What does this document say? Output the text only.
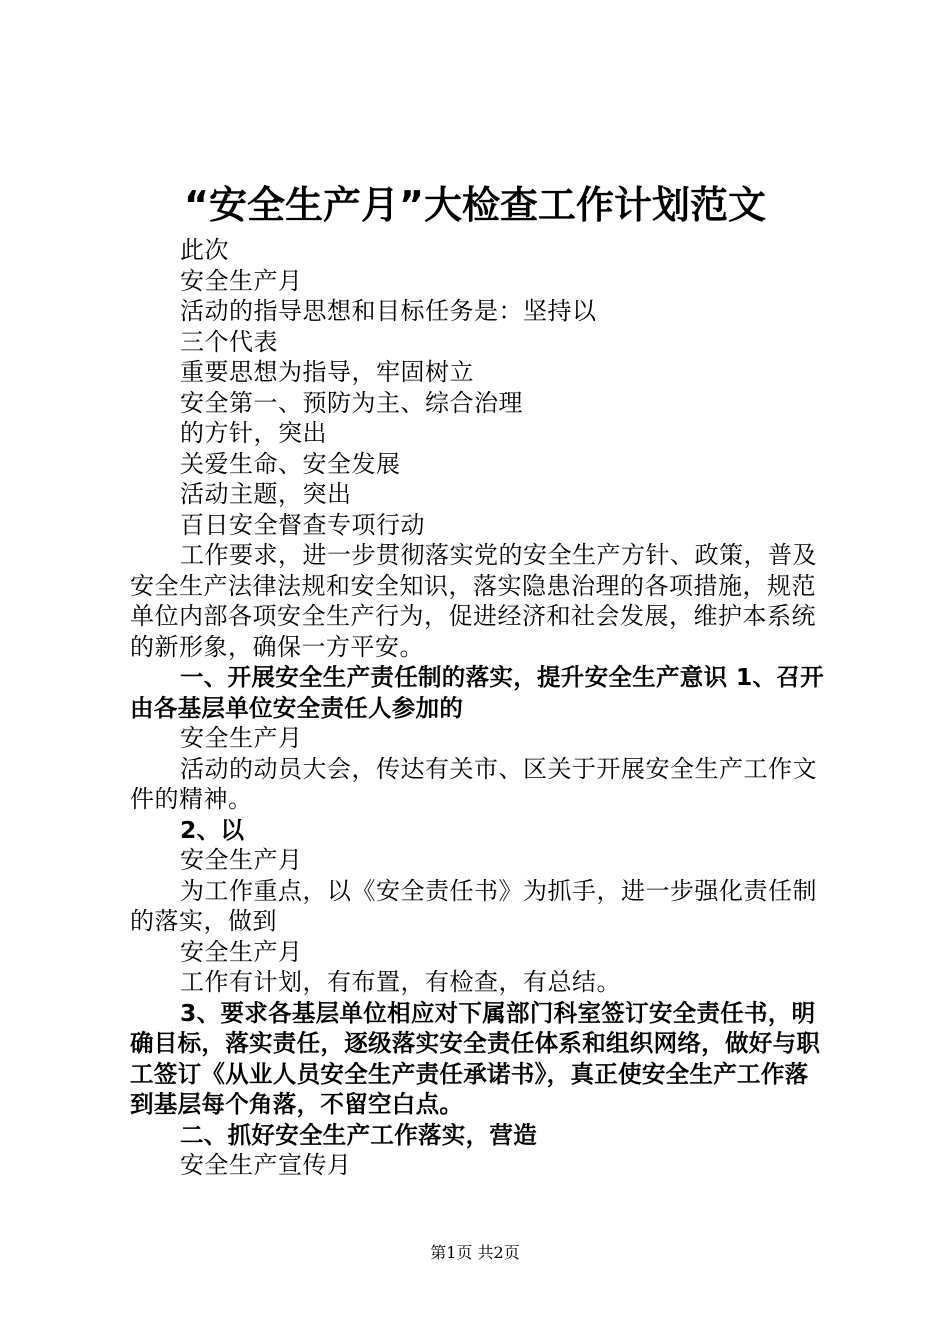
“安全生产月”大检查工作计划范文

此次

安全生产月

活动的指导思想和目标任务是：坚持以

三个代表

重要思想为指导，牢固树立

安全第一、预防为主、综合治理

的方针，突出

关爱生命、安全发展

活动主题，突出

百日安全督查专项行动

工作要求，进一步贯彻落实党的安全生产方针、政策，普及安全生产法律法规和安全知识，落实隐患治理的各项措施，规范单位内部各项安全生产行为，促进经济和社会发展，维护本系统的新形象，确保一方平安。

一、开展安全生产责任制的落实，提升安全生产意识 1、召开由各基层单位安全责任人参加的

安全生产月

活动的动员大会，传达有关市、区关于开展安全生产工作文件的精神。

2、以

安全生产月

为工作重点，以《安全责任书》为抓手，进一步强化责任制的落实，做到

安全生产月

工作有计划，有布置，有检查，有总结。

3、要求各基层单位相应对下属部门科室签订安全责任书，明确目标，落实责任，逐级落实安全责任体系和组织网络，做好与职工签订《从业人员安全生产责任承诺书》，真正使安全生产工作落到基层每个角落，不留空白点。

二、抓好安全生产工作落实，营造

安全生产宣传月

第1页 共2页
